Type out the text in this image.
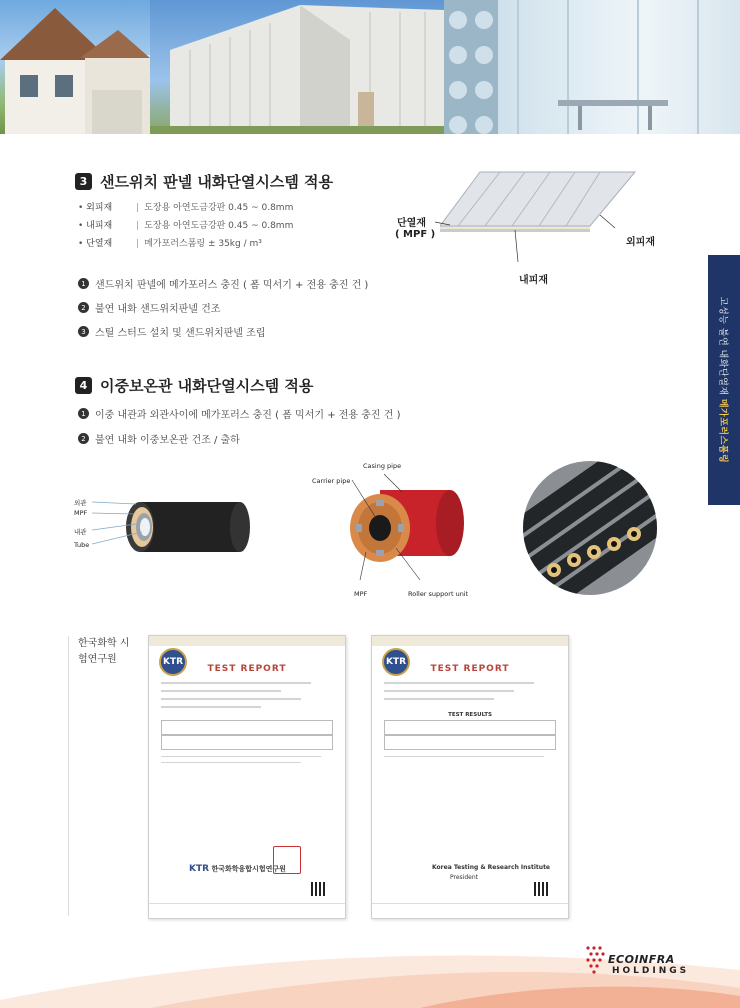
3 샌드위치 판넬 내화단열시스템 적용
• 외피재	| 도장용 아연도금강판 0.45 ~ 0.8mm
• 내피재	| 도장용 아연도금강판 0.45 ~ 0.8mm
• 단열재	| 메가포러스폼링 ± 35kg / m³
단열재
( MPF )
외피재
내피재
1 샌드위치 판넬에 메가포러스 충진 ( 폼 믹서기 + 전용 충진 건 )
2 불연 내화 샌드위치판넬 건조
3 스틸 스터드 설치 및 샌드위치판넬 조립
4 이중보온관 내화단열시스템 적용
1 이중 내관과 외관사이에 메가포러스 충진 ( 폼 믹서기 + 전용 충진 건 )
2 불연 내화 이중보온관 건조 / 출하
외관
MPF
내관
Tube
Carrier pipe
Casing pipe
MPF	Roller support unit
고성능 불연 내화단열재 메가포러스폼링
한국화학 시험연구원	KTR
TEST REPORT
KTR 한국화학융합시험연구원
KTR
TEST REPORT
TEST RESULTS
Korea Testing & Research Institute
President
ECOINFRA
HOLDINGS
